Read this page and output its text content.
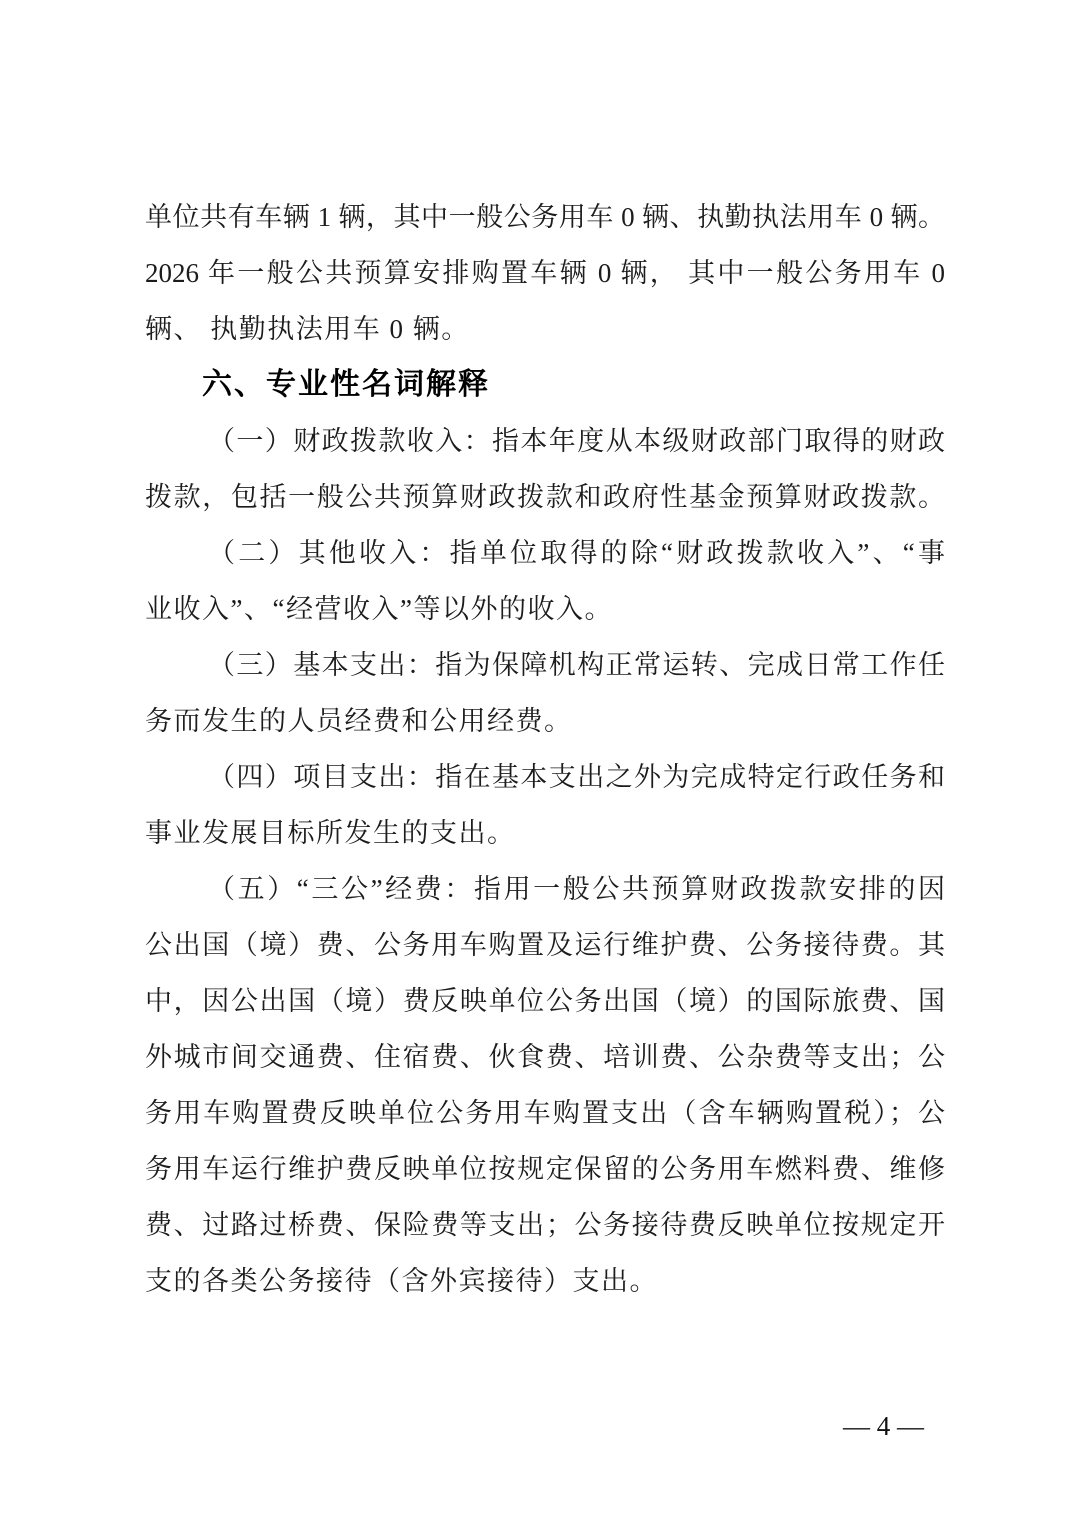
单位共有车辆 1 辆，其中一般公务用车 0 辆、执勤执法用车 0 辆。

2026 年一般公共预算安排购置车辆 0 辆， 其中一般公务用车 0

辆、 执勤执法用车 0 辆。

六、专业性名词解释

（一）财政拨款收入：指本年度从本级财政部门取得的财政

拨款，包括一般公共预算财政拨款和政府性基金预算财政拨款。

（二）其他收入：指单位取得的除“财政拨款收入”、“事

业收入”、“经营收入”等以外的收入。

（三）基本支出：指为保障机构正常运转、完成日常工作任

务而发生的人员经费和公用经费。

（四）项目支出：指在基本支出之外为完成特定行政任务和

事业发展目标所发生的支出。

（五）“三公”经费：指用一般公共预算财政拨款安排的因

公出国（境）费、公务用车购置及运行维护费、公务接待费。其

中，因公出国（境）费反映单位公务出国（境）的国际旅费、国

外城市间交通费、住宿费、伙食费、培训费、公杂费等支出；公

务用车购置费反映单位公务用车购置支出（含车辆购置税）；公

务用车运行维护费反映单位按规定保留的公务用车燃料费、维修

费、过路过桥费、保险费等支出；公务接待费反映单位按规定开

支的各类公务接待（含外宾接待）支出。

— 4 —
